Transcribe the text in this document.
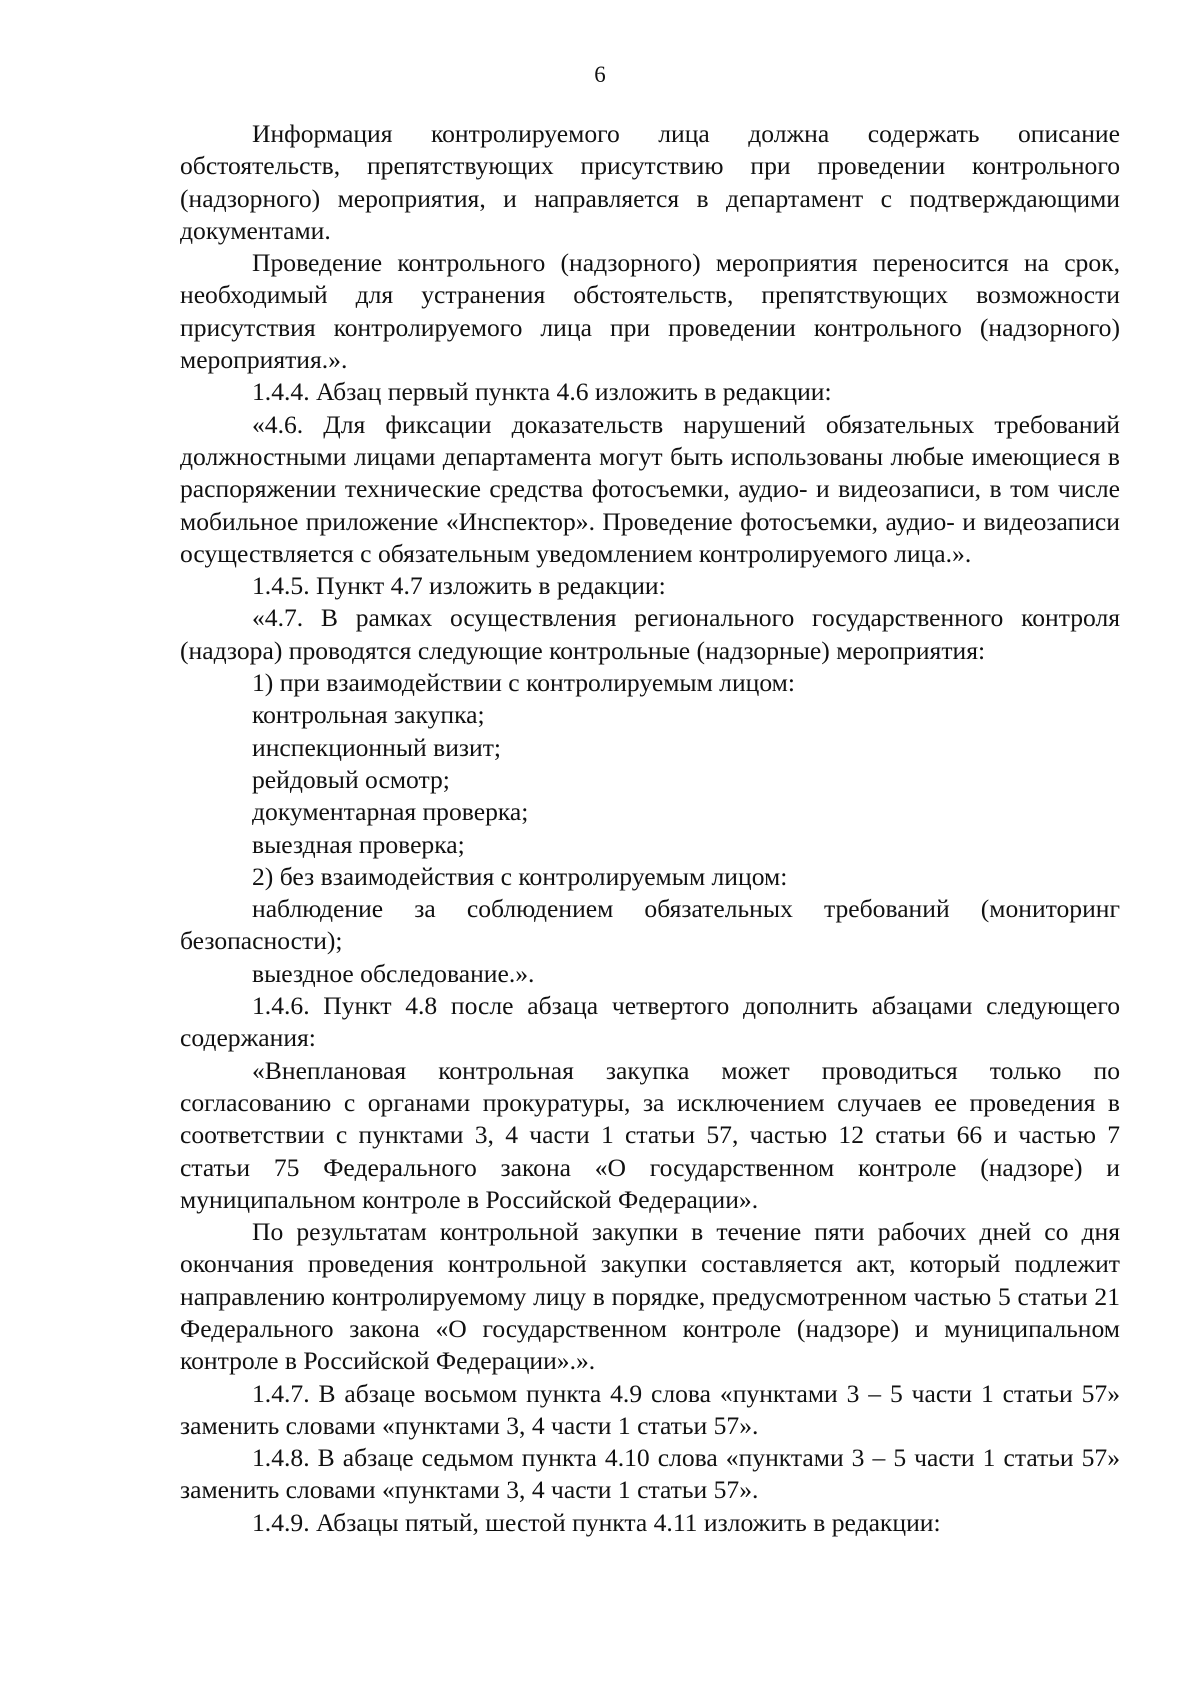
6

Информация контролируемого лица должна содержать описание обстоятельств, препятствующих присутствию при проведении контрольного (надзорного) мероприятия, и направляется в департамент с подтверждающими документами.

Проведение контрольного (надзорного) мероприятия переносится на срок, необходимый для устранения обстоятельств, препятствующих возможности присутствия контролируемого лица при проведении контрольного (надзорного) мероприятия.».

1.4.4. Абзац первый пункта 4.6 изложить в редакции:

«4.6. Для фиксации доказательств нарушений обязательных требований должностными лицами департамента могут быть использованы любые имеющиеся в распоряжении технические средства фотосъемки, аудио- и видеозаписи, в том числе мобильное приложение «Инспектор». Проведение фотосъемки, аудио- и видеозаписи осуществляется с обязательным уведомлением контролируемого лица.».

1.4.5. Пункт 4.7 изложить в редакции:

«4.7. В рамках осуществления регионального государственного контроля (надзора) проводятся следующие контрольные (надзорные) мероприятия:

1) при взаимодействии с контролируемым лицом:

контрольная закупка;

инспекционный визит;

рейдовый осмотр;

документарная проверка;

выездная проверка;

2) без взаимодействия с контролируемым лицом:

наблюдение за соблюдением обязательных требований (мониторинг безопасности);

выездное обследование.».

1.4.6. Пункт 4.8 после абзаца четвертого дополнить абзацами следующего содержания:

«Внеплановая контрольная закупка может проводиться только по согласованию с органами прокуратуры, за исключением случаев ее проведения в соответствии с пунктами 3, 4 части 1 статьи 57, частью 12 статьи 66 и частью 7 статьи 75 Федерального закона «О государственном контроле (надзоре) и муниципальном контроле в Российской Федерации».

По результатам контрольной закупки в течение пяти рабочих дней со дня окончания проведения контрольной закупки составляется акт, который подлежит направлению контролируемому лицу в порядке, предусмотренном частью 5 статьи 21 Федерального закона «О государственном контроле (надзоре) и муниципальном контроле в Российской Федерации».».

1.4.7. В абзаце восьмом пункта 4.9 слова «пунктами 3 – 5 части 1 статьи 57» заменить словами «пунктами 3, 4 части 1 статьи 57».

1.4.8. В абзаце седьмом пункта 4.10 слова «пунктами 3 – 5 части 1 статьи 57» заменить словами «пунктами 3, 4 части 1 статьи 57».

1.4.9. Абзацы пятый, шестой пункта 4.11 изложить в редакции:
